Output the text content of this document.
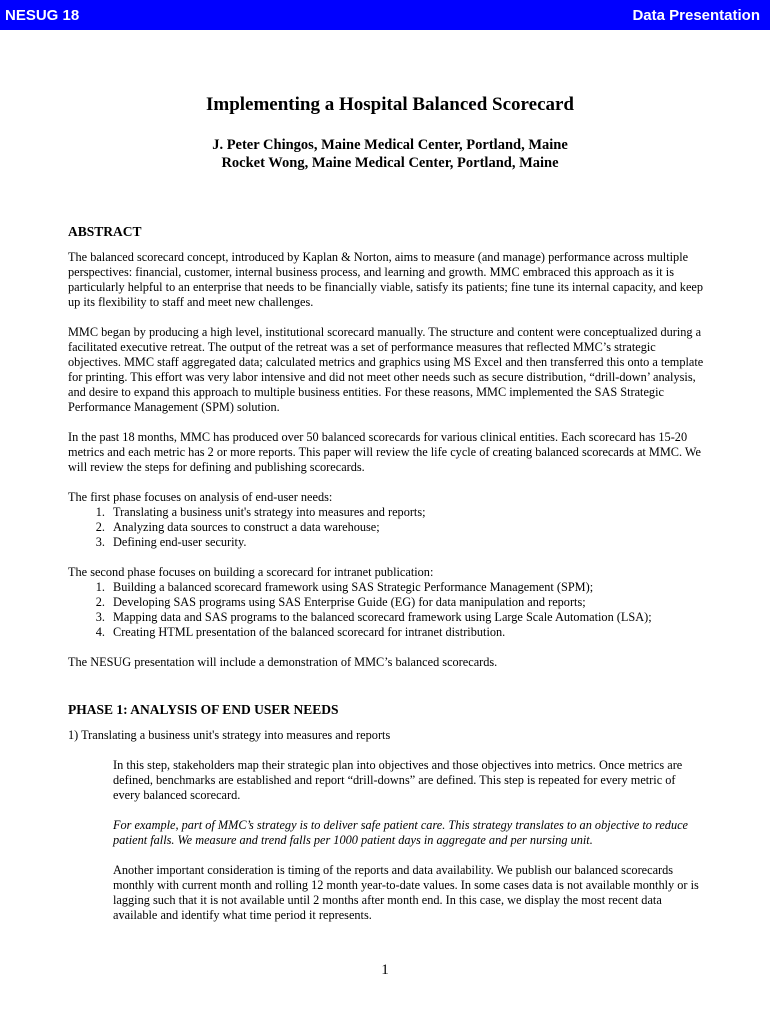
NESUG 18	Data Presentation
Implementing a Hospital Balanced Scorecard
J. Peter Chingos, Maine Medical Center, Portland, Maine
Rocket Wong, Maine Medical Center, Portland, Maine
ABSTRACT

The balanced scorecard concept, introduced by Kaplan & Norton, aims to measure (and manage) performance across multiple perspectives: financial, customer, internal business process, and learning and growth. MMC embraced this approach as it is particularly helpful to an enterprise that needs to be financially viable, satisfy its patients; fine tune its internal capacity, and keep up its flexibility to staff and meet new challenges.

MMC began by producing a high level, institutional scorecard manually. The structure and content were conceptualized during a facilitated executive retreat. The output of the retreat was a set of performance measures that reflected MMC’s strategic objectives. MMC staff aggregated data; calculated metrics and graphics using MS Excel and then transferred this onto a template for printing. This effort was very labor intensive and did not meet other needs such as secure distribution, “drill-down’ analysis, and desire to expand this approach to multiple business entities. For these reasons, MMC implemented the SAS Strategic Performance Management (SPM) solution.

In the past 18 months, MMC has produced over 50 balanced scorecards for various clinical entities. Each scorecard has 15-20 metrics and each metric has 2 or more reports. This paper will review the life cycle of creating balanced scorecards at MMC. We will review the steps for defining and publishing scorecards.

The first phase focuses on analysis of end-user needs:

1. Translating a business unit's strategy into measures and reports;
2. Analyzing data sources to construct a data warehouse;
3. Defining end-user security.

The second phase focuses on building a scorecard for intranet publication:

1. Building a balanced scorecard framework using SAS Strategic Performance Management (SPM);
2. Developing SAS programs using SAS Enterprise Guide (EG) for data manipulation and reports;
3. Mapping data and SAS programs to the balanced scorecard framework using Large Scale Automation (LSA);
4. Creating HTML presentation of the balanced scorecard for intranet distribution.

The NESUG presentation will include a demonstration of MMC’s balanced scorecards.

PHASE 1: ANALYSIS OF END USER NEEDS

1) Translating a business unit's strategy into measures and reports

In this step, stakeholders map their strategic plan into objectives and those objectives into metrics. Once metrics are defined, benchmarks are established and report “drill-downs” are defined. This step is repeated for every metric of every balanced scorecard.

For example, part of MMC’s strategy is to deliver safe patient care. This strategy translates to an objective to reduce patient falls. We measure and trend falls per 1000 patient days in aggregate and per nursing unit.

Another important consideration is timing of the reports and data availability. We publish our balanced scorecards monthly with current month and rolling 12 month year-to-date values. In some cases data is not available monthly or is lagging such that it is not available until 2 months after month end. In this case, we display the most recent data available and identify what time period it represents.

1
